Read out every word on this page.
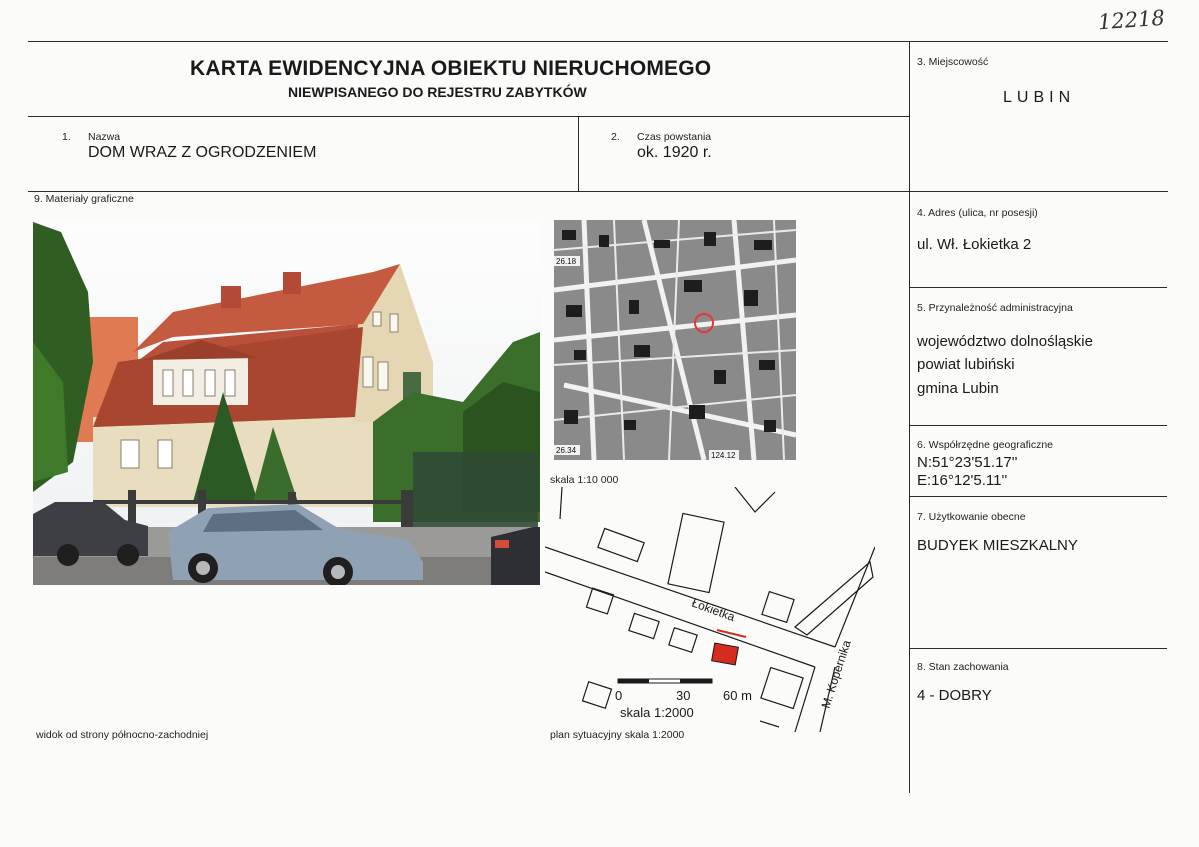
12218
KARTA EWIDENCYJNA OBIEKTU NIERUCHOMEGO
NIEWPISANEGO DO REJESTRU ZABYTKÓW
1. Nazwa
DOM WRAZ Z OGRODZENIEM
2. Czas powstania
ok. 1920 r.
3. Miejscowość
LUBIN
4. Adres (ulica, nr posesji)
ul. Wł. Łokietka 2
5. Przynależność administracyjna
województwo dolnośląskie
powiat lubiński
gmina Lubin
6. Współrzędne geograficzne
N:51°23'51.17''
E:16°12'5.11''
7. Użytkowanie obecne
BUDYEK MIESZKALNY
8. Stan zachowania
4 - DOBRY
9. Materiały graficzne
26.18
26.34
124.12
skala 1:10 000
Łokietka
M. Kopernika
0	30	60 m
skala 1:2000
widok od strony północno-zachodniej	plan sytuacyjny skala 1:2000
